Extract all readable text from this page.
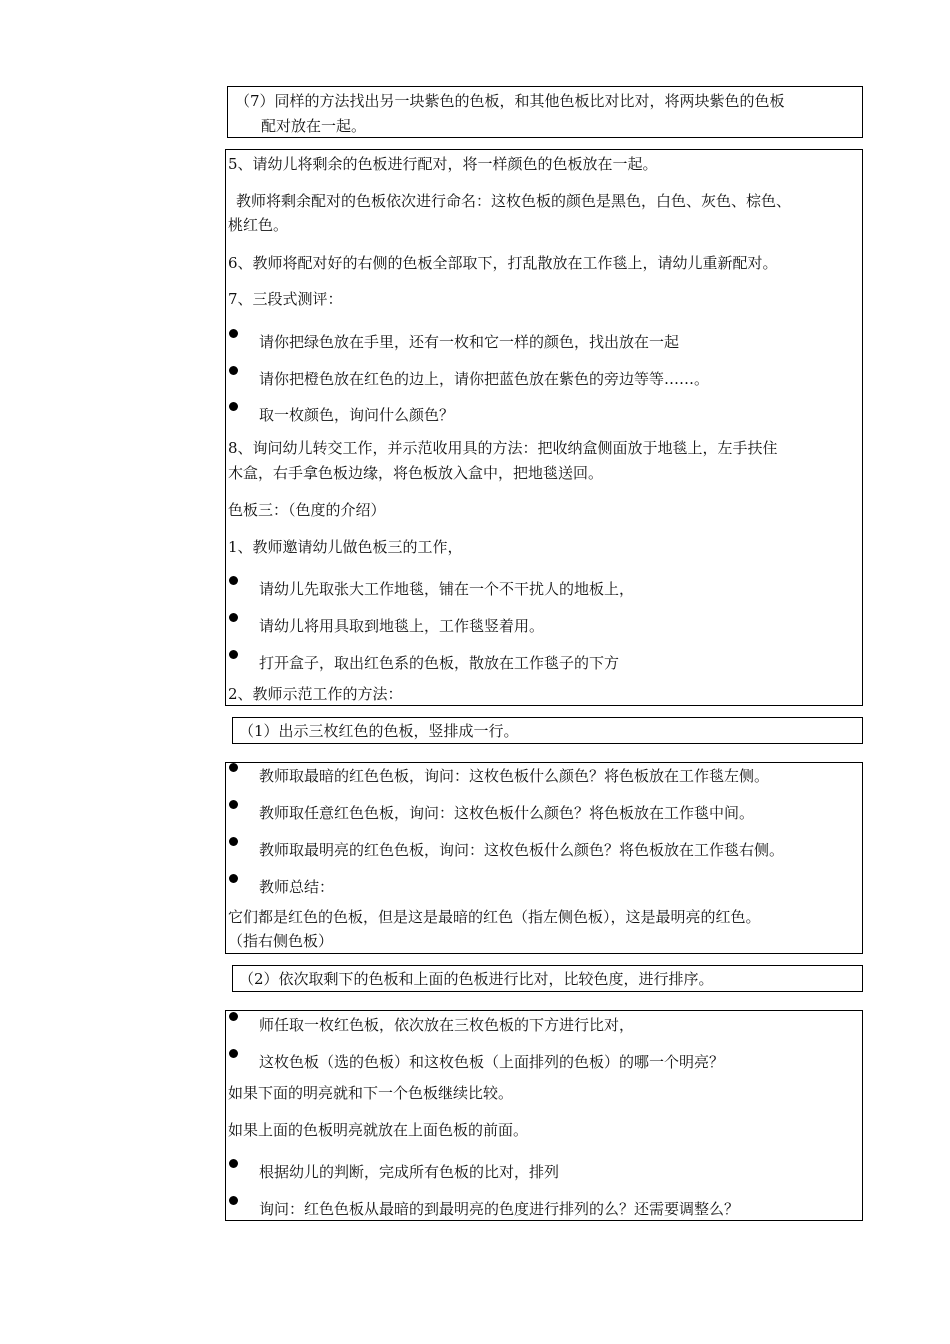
（7）同样的方法找出另一块紫色的色板，和其他色板比对比对，将两块紫色的色板
配对放在一起。
5、请幼儿将剩余的色板进行配对，将一样颜色的色板放在一起。
教师将剩余配对的色板依次进行命名：这枚色板的颜色是黑色，白色、灰色、棕色、
桃红色。
6、教师将配对好的右侧的色板全部取下，打乱散放在工作毯上，请幼儿重新配对。
7、三段式测评：
请你把绿色放在手里，还有一枚和它一样的颜色，找出放在一起
请你把橙色放在红色的边上，请你把蓝色放在紫色的旁边等等……。
取一枚颜色，询问什么颜色？
8、询问幼儿转交工作，并示范收用具的方法：把收纳盒侧面放于地毯上，左手扶住
木盒，右手拿色板边缘，将色板放入盒中，把地毯送回。
色板三：（色度的介绍）
1、教师邀请幼儿做色板三的工作，
请幼儿先取张大工作地毯，铺在一个不干扰人的地板上，
请幼儿将用具取到地毯上，工作毯竖着用。
打开盒子，取出红色系的色板，散放在工作毯子的下方
2、教师示范工作的方法：
（1）出示三枚红色的色板，竖排成一行。
教师取最暗的红色色板，询问：这枚色板什么颜色？将色板放在工作毯左侧。
教师取任意红色色板，询问：这枚色板什么颜色？将色板放在工作毯中间。
教师取最明亮的红色色板，询问：这枚色板什么颜色？将色板放在工作毯右侧。
教师总结：
它们都是红色的色板，但是这是最暗的红色（指左侧色板），这是最明亮的红色。
（指右侧色板）
（2）依次取剩下的色板和上面的色板进行比对，比较色度，进行排序。
师任取一枚红色板，依次放在三枚色板的下方进行比对，
这枚色板（选的色板）和这枚色板（上面排列的色板）的哪一个明亮？
如果下面的明亮就和下一个色板继续比较。
如果上面的色板明亮就放在上面色板的前面。
根据幼儿的判断，完成所有色板的比对，排列
询问：红色色板从最暗的到最明亮的色度进行排列的么？还需要调整么？
